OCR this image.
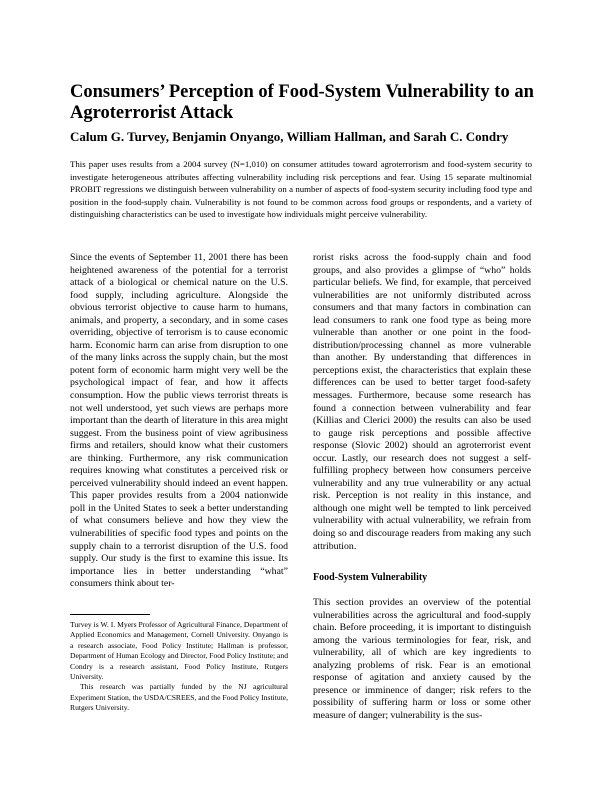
Consumers’ Perception of Food-System Vulnerability to an Agroterrorist Attack
Calum G. Turvey, Benjamin Onyango, William Hallman, and Sarah C. Condry

This paper uses results from a 2004 survey (N=1,010) on consumer attitudes toward agroterrorism and food-system security to investigate heterogeneous attributes affecting vulnerability including risk perceptions and fear. Using 15 separate multinomial PROBIT regressions we distinguish between vulnerability on a number of aspects of food-system security including food type and position in the food-supply chain. Vulnerability is not found to be common across food groups or respondents, and a variety of distinguishing characteristics can be used to investigate how individuals might perceive vulnerability.

Since the events of September 11, 2001 there has been heightened awareness of the potential for a terrorist attack of a biological or chemical nature on the U.S. food supply, including agriculture. Alongside the obvious terrorist objective to cause harm to humans, animals, and property, a secondary, and in some cases overriding, objective of terrorism is to cause economic harm. Economic harm can arise from disruption to one of the many links across the supply chain, but the most potent form of economic harm might very well be the psychological impact of fear, and how it affects consumption. How the public views terrorist threats is not well understood, yet such views are perhaps more important than the dearth of literature in this area might suggest. From the business point of view agribusiness firms and retailers, should know what their customers are thinking. Furthermore, any risk communication requires knowing what constitutes a perceived risk or perceived vulnerability should indeed an event happen. This paper provides results from a 2004 nationwide poll in the United States to seek a better understanding of what consumers believe and how they view the vulnerabilities of specific food types and points on the supply chain to a terrorist disruption of the U.S. food supply. Our study is the first to examine this issue. Its importance lies in better understanding “what” consumers think about ter-

rorist risks across the food-supply chain and food groups, and also provides a glimpse of “who” holds particular beliefs. We find, for example, that perceived vulnerabilities are not uniformly distributed across consumers and that many factors in combination can lead consumers to rank one food type as being more vulnerable than another or one point in the food-distribution/processing channel as more vulnerable than another. By understanding that differences in perceptions exist, the characteristics that explain these differences can be used to better target food-safety messages. Furthermore, because some research has found a connection between vulnerability and fear (Killias and Clerici 2000) the results can also be used to gauge risk perceptions and possible affective response (Slovic 2002) should an agroterrorist event occur. Lastly, our research does not suggest a self-fulfilling prophecy between how consumers perceive vulnerability and any true vulnerability or any actual risk. Perception is not reality in this instance, and although one might well be tempted to link perceived vulnerability with actual vulnerability, we refrain from doing so and discourage readers from making any such attribution.

Food-System Vulnerability

This section provides an overview of the potential vulnerabilities across the agricultural and food-supply chain. Before proceeding, it is important to distinguish among the various terminologies for fear, risk, and vulnerability, all of which are key ingredients to analyzing problems of risk. Fear is an emotional response of agitation and anxiety caused by the presence or imminence of danger; risk refers to the possibility of suffering harm or loss or some other measure of danger; vulnerability is the sus-

Turvey is W. I. Myers Professor of Agricultural Finance, Department of Applied Economics and Management, Cornell University. Onyango is a research associate, Food Policy Institute; Hallman is professor, Department of Human Ecology and Director, Food Policy Institute; and Condry is a research assistant, Food Policy Institute, Rutgers University.

This research was partially funded by the NJ agricultural Experiment Station, the USDA/CSREES, and the Food Policy Institute, Rutgers University.
